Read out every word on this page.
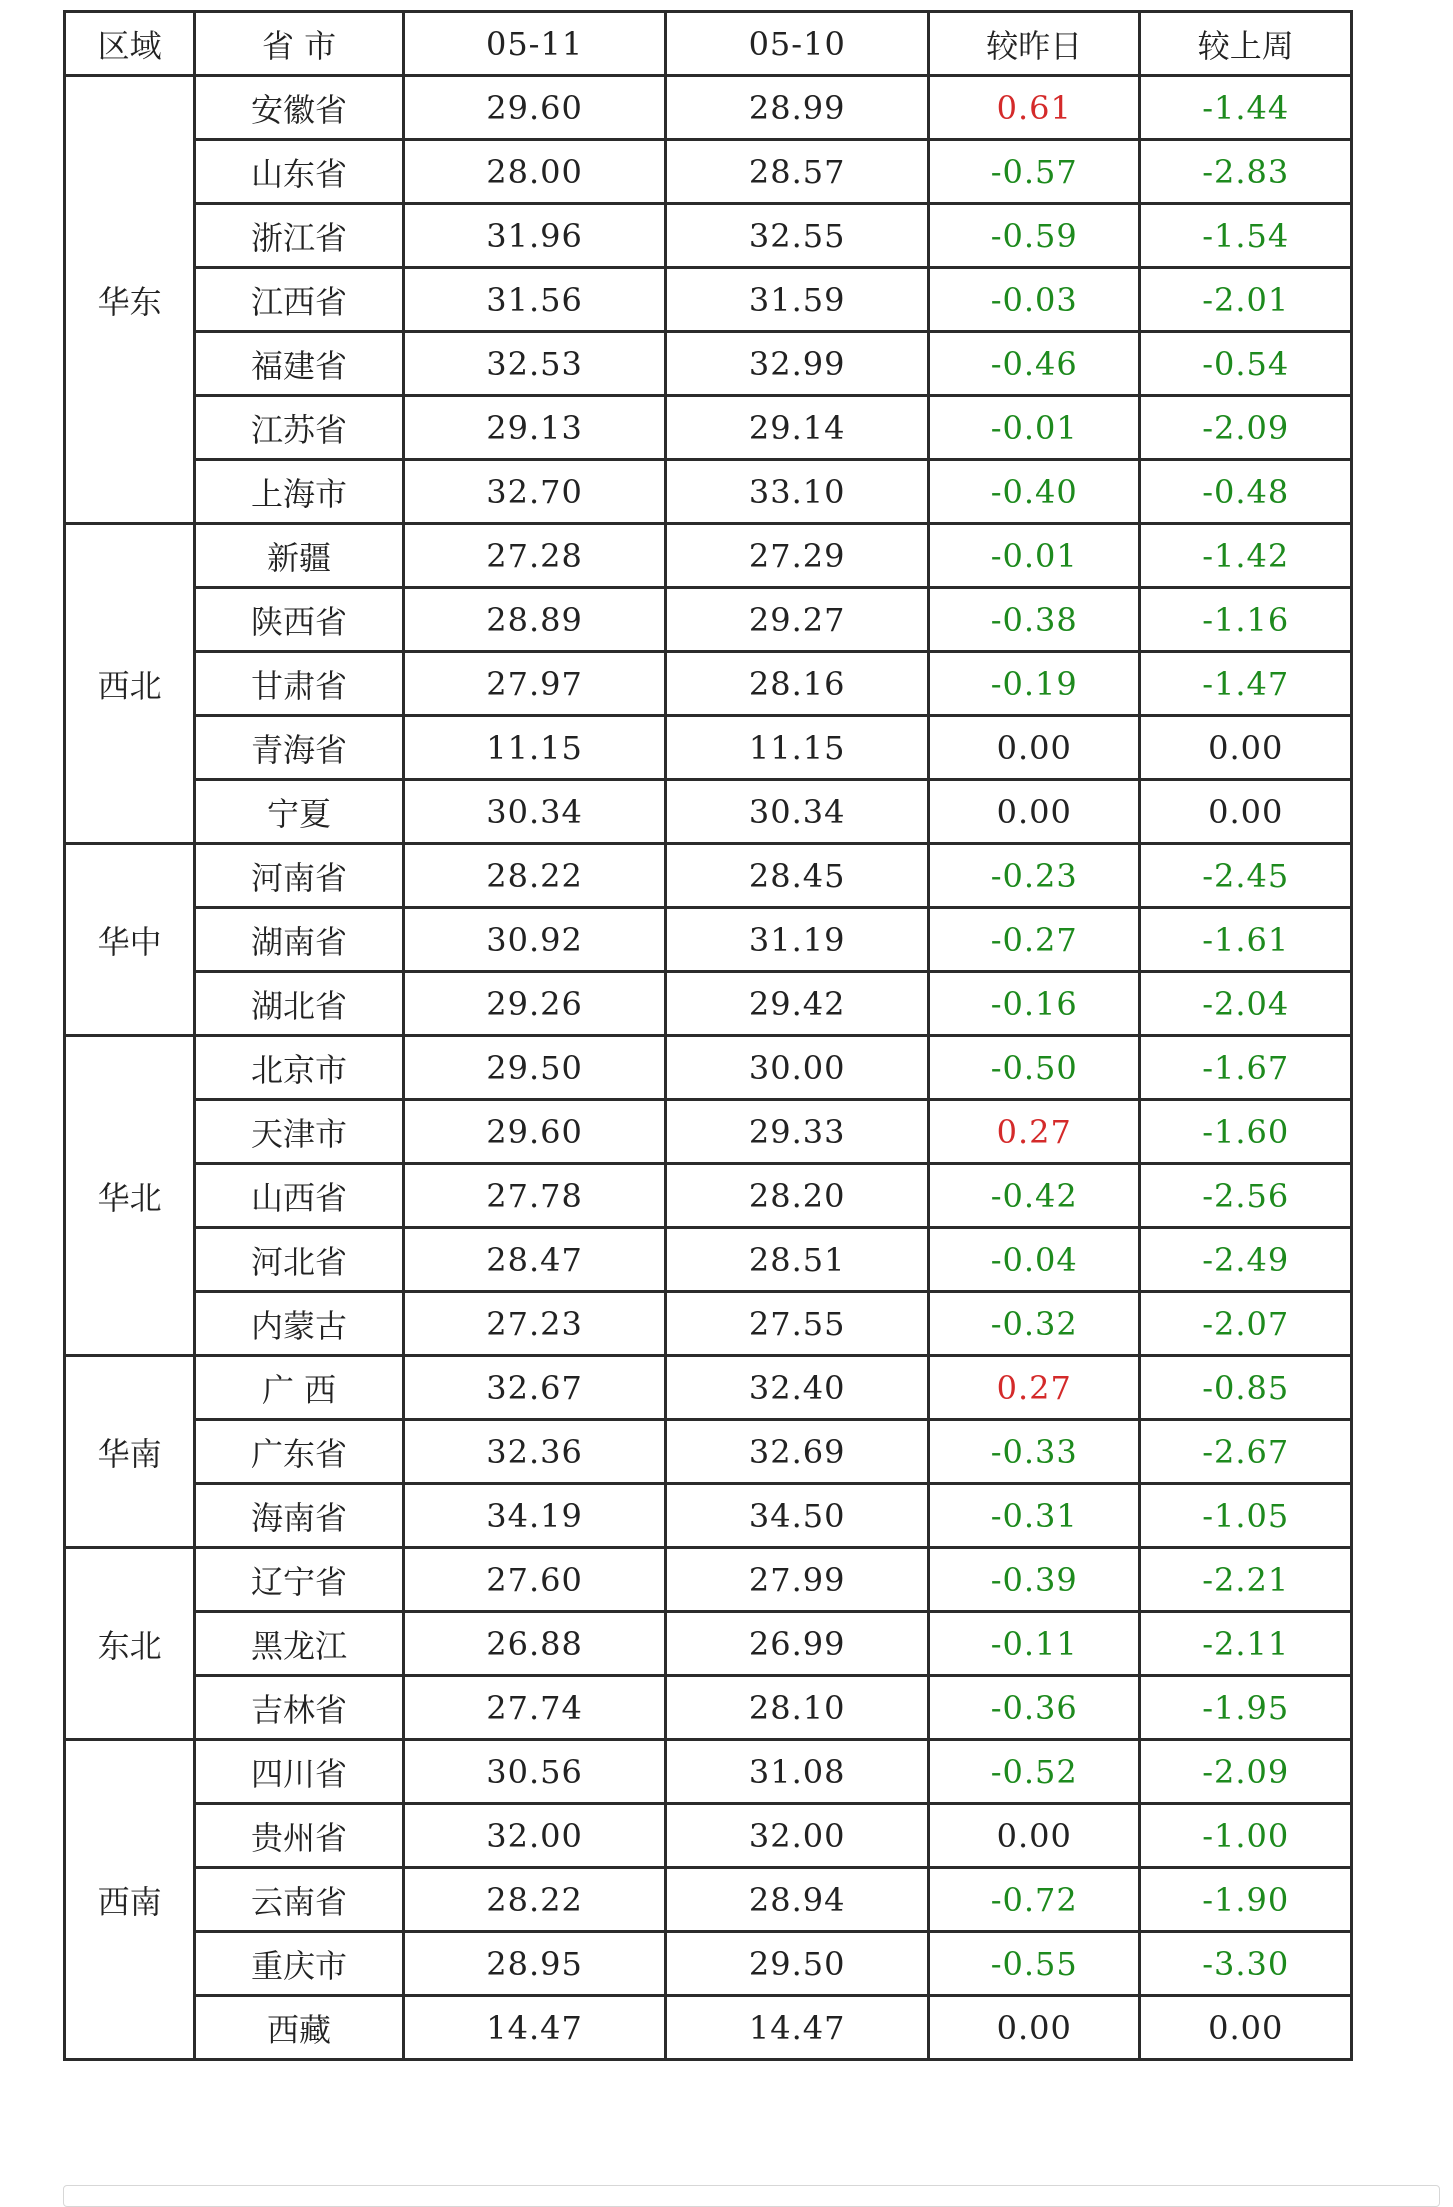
区域	省 市	05-11	05-10	较昨日	较上周
华东	安徽省	29.60	28.99	0.61	-1.44
	山东省	28.00	28.57	-0.57	-2.83
	浙江省	31.96	32.55	-0.59	-1.54
	江西省	31.56	31.59	-0.03	-2.01
	福建省	32.53	32.99	-0.46	-0.54
	江苏省	29.13	29.14	-0.01	-2.09
	上海市	32.70	33.10	-0.40	-0.48
西北	新疆	27.28	27.29	-0.01	-1.42
	陕西省	28.89	29.27	-0.38	-1.16
	甘肃省	27.97	28.16	-0.19	-1.47
	青海省	11.15	11.15	0.00	0.00
	宁夏	30.34	30.34	0.00	0.00
华中	河南省	28.22	28.45	-0.23	-2.45
	湖南省	30.92	31.19	-0.27	-1.61
	湖北省	29.26	29.42	-0.16	-2.04
华北	北京市	29.50	30.00	-0.50	-1.67
	天津市	29.60	29.33	0.27	-1.60
	山西省	27.78	28.20	-0.42	-2.56
	河北省	28.47	28.51	-0.04	-2.49
	内蒙古	27.23	27.55	-0.32	-2.07
华南	广 西	32.67	32.40	0.27	-0.85
	广东省	32.36	32.69	-0.33	-2.67
	海南省	34.19	34.50	-0.31	-1.05
东北	辽宁省	27.60	27.99	-0.39	-2.21
	黑龙江	26.88	26.99	-0.11	-2.11
	吉林省	27.74	28.10	-0.36	-1.95
西南	四川省	30.56	31.08	-0.52	-2.09
	贵州省	32.00	32.00	0.00	-1.00
	云南省	28.22	28.94	-0.72	-1.90
	重庆市	28.95	29.50	-0.55	-3.30
	西藏	14.47	14.47	0.00	0.00
